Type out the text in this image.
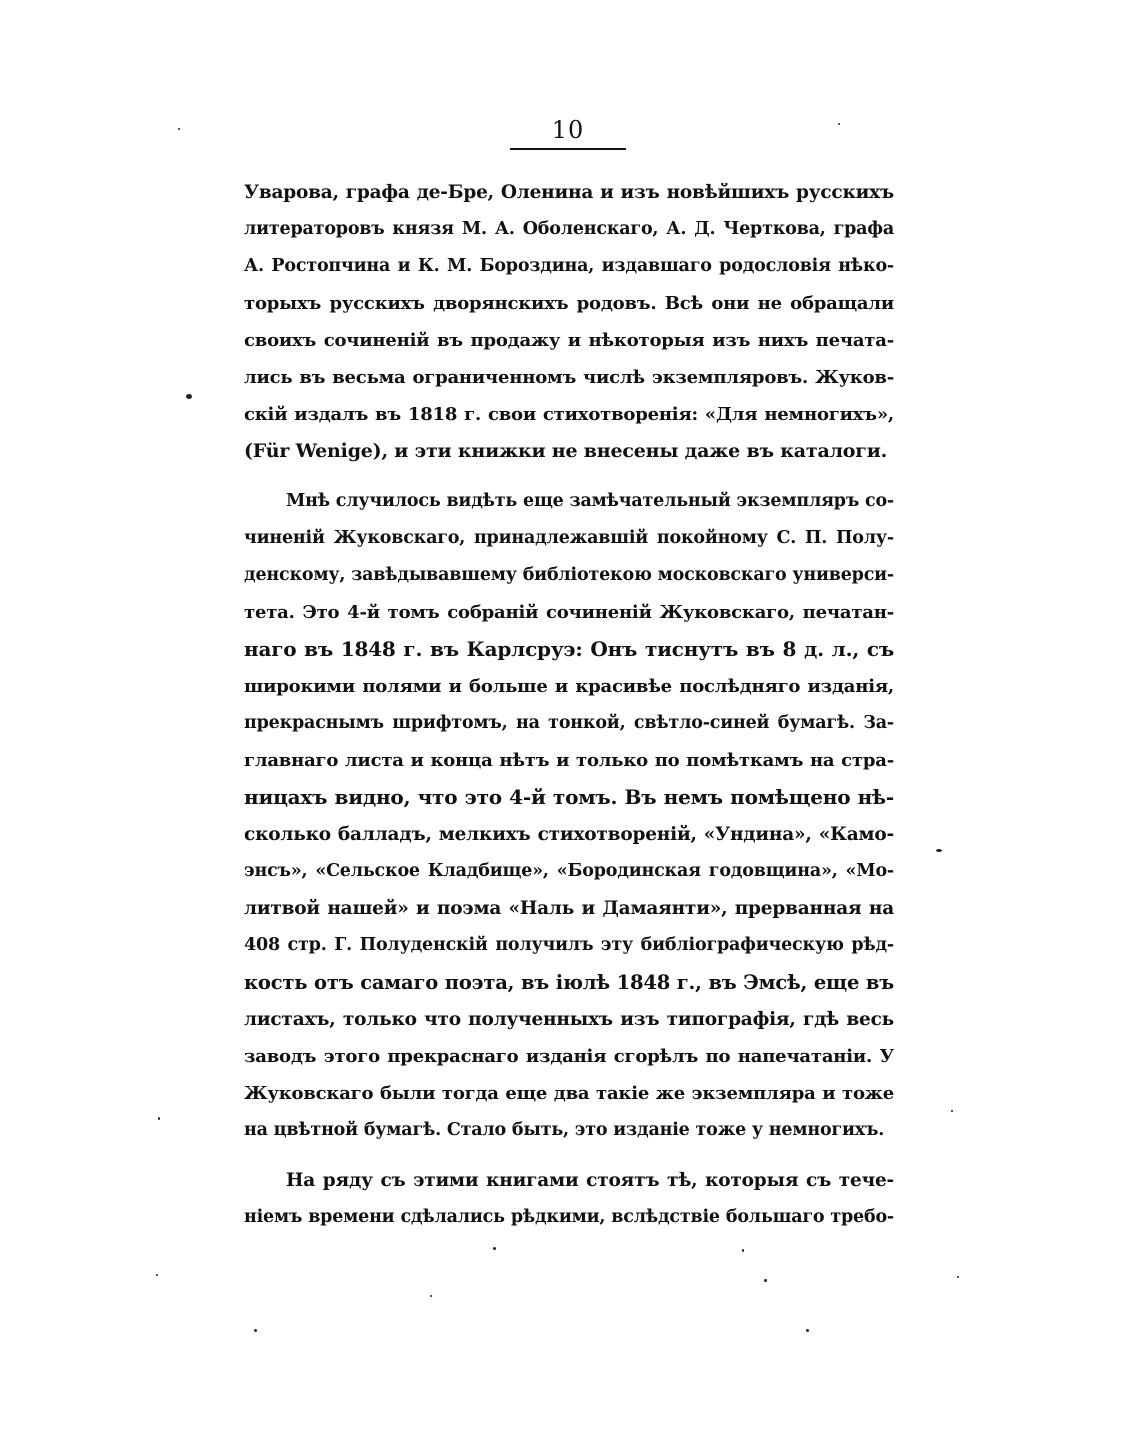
10
Уварова, графа де-Бре, Оленина и изъ новѣйшихъ русскихъ
литераторовъ князя М. А. Оболенскаго, А. Д. Черткова, графа
А. Ростопчина и К. М. Бороздина, издавшаго родословія нѣко-
торыхъ русскихъ дворянскихъ родовъ. Всѣ они не обращали
своихъ сочиненій въ продажу и нѣкоторыя изъ нихъ печата-
лись въ весьма ограниченномъ числѣ экземпляровъ. Жуков-
скій издалъ въ 1818 г. свои стихотворенія: «Для немногихъ»,
(Für Wenige), и эти книжки не внесены даже въ каталоги.
Мнѣ случилось видѣть еще замѣчательный экземпляръ со-
чиненій Жуковскаго, принадлежавшій покойному С. П. Полу-
денскому, завѣдывавшему библіотекою московскаго универси-
тета. Это 4-й томъ собраній сочиненій Жуковскаго, печатан-
наго въ 1848 г. въ Карлсруэ: Онъ тиснутъ въ 8 д. л., съ
широкими полями и больше и красивѣе послѣдняго изданія,
прекраснымъ шрифтомъ, на тонкой, свѣтло-синей бумагѣ. За-
главнаго листа и конца нѣтъ и только по помѣткамъ на стра-
ницахъ видно, что это 4-й томъ. Въ немъ помѣщено нѣ-
сколько балладъ, мелкихъ стихотвореній, «Ундина», «Камо-
энсъ», «Сельское Кладбище», «Бородинская годовщина», «Мо-
литвой нашей» и поэма «Наль и Дамаянти», прерванная на
408 стр. Г. Полуденскій получилъ эту библіографическую рѣд-
кость отъ самаго поэта, въ іюлѣ 1848 г., въ Эмсѣ, еще въ
листахъ, только что полученныхъ изъ типографія, гдѣ весь
заводъ этого прекраснаго изданія сгорѣлъ по напечатаніи. У
Жуковскаго были тогда еще два такіе же экземпляра и тоже
на цвѣтной бумагѣ. Стало быть, это изданіе тоже у немногихъ.
На ряду съ этими книгами стоятъ тѣ, которыя съ тече-
ніемъ времени сдѣлались рѣдкими, вслѣдствіе большаго требо-
